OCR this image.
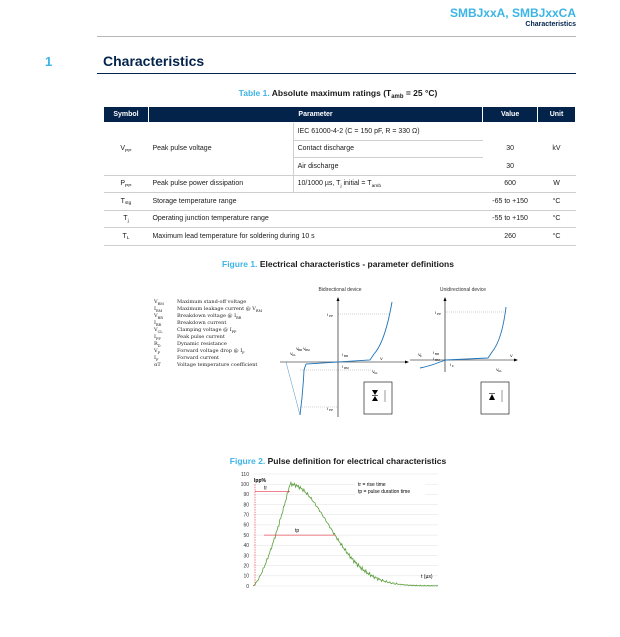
SMBJxxA, SMBJxxCA
Characteristics
1	Characteristics
Table 1. Absolute maximum ratings ($T_{amb} = 25$ °C)
Symbol	Parameter		Value	Unit
$V_{PP}$	Peak pulse voltage	IEC 61000-4-2 (C = 150 pF, R = 330 Ω)		kV
		Contact discharge	30	
		Air discharge	30	
$P_{PP}$	Peak pulse power dissipation	10/1000 µs, $T_j$ initial = $T_{amb}$	600	W
$T_{stg}$	Storage temperature range		-65 to +150	°C
$T_j$	Operating junction temperature range		-55 to +150	°C
$T_L$	Maximum lead temperature for soldering during 10 s		260	°C
Figure 1. Electrical characteristics - parameter definitions
$V_{RM}$	Maximum stand-off voltage
$I_{RM}$	Maximum leakage current @ $V_{RM}$
$V_{BR}$	Breakdown voltage @ $I_{BR}$
$I_{BR}$	Breakdown current
$V_{CL}$	Clamping voltage @ $I_{PP}$
$I_{PP}$	Peak pulse current
$R_D$	Dynamic resistance
$V_F$	Forward voltage drop @ $I_F$
$I_F$	Forward current
αT	Voltage temperature coefficient
Bidirectional device
I PP
I PP
V CL
V BR V RM
I BR
I RM
V CL
V
Unidirectional device
I PP
V F
I BR
I RM
I F
V CL
V
Figure 2. Pulse definition for electrical characteristics
110
100
90
80
70
60
50
40
30
20
10
0
tr
tp
Ipp%
t (µs)
tr = rise time
tp = pulse duration time
